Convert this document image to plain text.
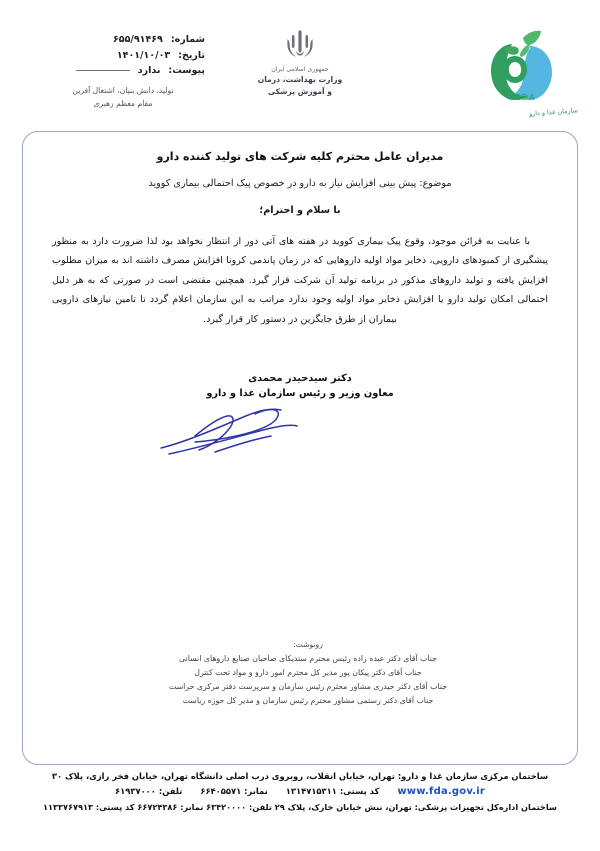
شماره:
۶۵۵/۹۱۴۶۹
تاریخ:
۱۴۰۱/۱۰/۰۳
پیوست:
ندارد
تولید، دانش بنیان، اشتغال آفرین
مقام معظم رهبری
جمهوری اسلامی ایران
وزارت بهداشت، درمان
و آموزش پزشکی
IFDA
سازمان غذا و دارو
مدیران عامل محترم کلیه شرکت های تولید کننده دارو
موضوع: پیش بینی افزایش نیاز به دارو در خصوص پیک احتمالی بیماری کووید
با سلام و احترام؛

با عنایت به قرائن موجود، وقوع پیک بیماری کووید در هفته های آتی دور از انتظار نخواهد بود لذا ضرورت دارد به منظور پیشگیری از کمبودهای دارویی، ذخایر مواد اولیه داروهایی که در زمان پاندمی کرونا افزایش مصرف داشته اند به میزان مطلوب افزایش یافته و تولید داروهای مذکور در برنامه تولید آن شرکت قرار گیرد. همچنین مقتضی است در صورتی که به هر دلیل احتمالی امکان تولید دارو یا افزایش ذخایر مواد اولیه وجود ندارد مراتب به این سازمان اعلام گردد تا تامین نیازهای دارویی بیماران از طرق جایگزین در دستور کار قرار گیرد.

دکتر سیدحیدر محمدی
معاون وزیر و رئیس سازمان غذا و دارو
رونوشت:
جناب آقای دکتر عبده زاده رئیس محترم سندیکای صاحبان صنایع داروهای انسانی
جناب آقای دکتر پیکان پور مدیر کل محترم امور دارو و مواد تحت کنترل
جناب آقای دکتر حیدری مشاور محترم رئیس سازمان و سرپرست دفتر مرکزی حراست
جناب آقای دکتر رستمی مشاور محترم رئیس سازمان و مدیر کل حوزه ریاست
ساختمان مرکزی سازمان غذا و دارو: تهران، خیابان انقلاب، روبروی درب اصلی دانشگاه تهران، خیابان فخر رازی، پلاک ۳۰
www.fda.gov.ir
کد پستی: ۱۳۱۴۷۱۵۳۱۱
نمابر: ۶۶۴۰۵۵۷۱
تلفن: ۶۱۹۳۷۰۰۰
ساختمان اداره‌کل تجهیزات پزشکی: تهران، نبش خیابان خارک، پلاک ۲۹ تلفن: ۶۳۴۲۰۰۰۰ نمابر: ۶۶۷۲۴۳۸۶ کد پستی: ۱۱۳۳۷۶۷۹۱۳
